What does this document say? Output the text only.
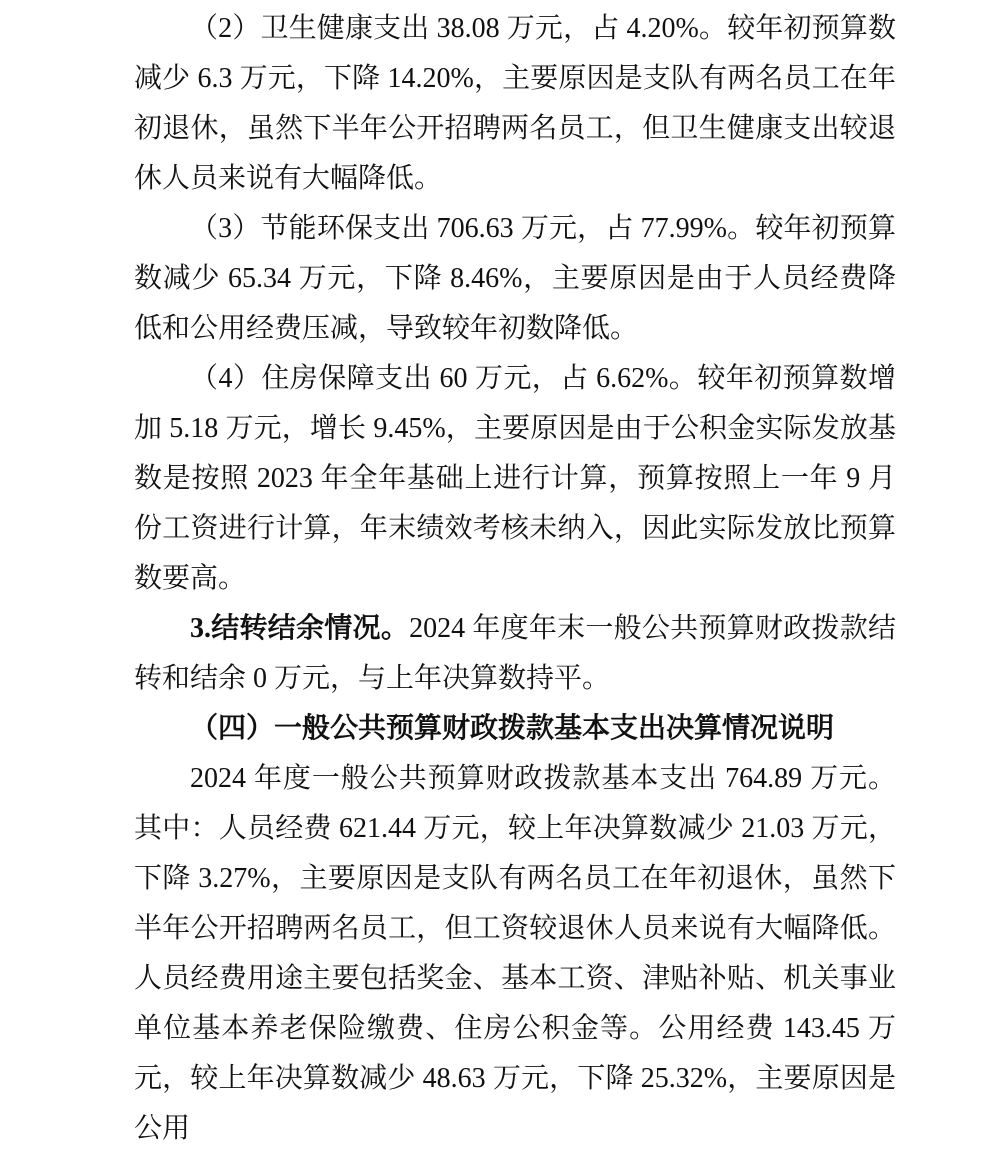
（2）卫生健康支出 38.08 万元，占 4.20%。较年初预算数减少 6.3 万元，下降 14.20%，主要原因是支队有两名员工在年初退休，虽然下半年公开招聘两名员工，但卫生健康支出较退休人员来说有大幅降低。

（3）节能环保支出 706.63 万元，占 77.99%。较年初预算数减少 65.34 万元，下降 8.46%，主要原因是由于人员经费降低和公用经费压减，导致较年初数降低。

（4）住房保障支出 60 万元，占 6.62%。较年初预算数增加 5.18 万元，增长 9.45%，主要原因是由于公积金实际发放基数是按照 2023 年全年基础上进行计算，预算按照上一年 9 月份工资进行计算，年末绩效考核未纳入，因此实际发放比预算数要高。

3.结转结余情况。2024 年度年末一般公共预算财政拨款结转和结余 0 万元，与上年决算数持平。

（四）一般公共预算财政拨款基本支出决算情况说明

2024 年度一般公共预算财政拨款基本支出 764.89 万元。其中：人员经费 621.44 万元，较上年决算数减少 21.03 万元，下降 3.27%，主要原因是支队有两名员工在年初退休，虽然下半年公开招聘两名员工，但工资较退休人员来说有大幅降低。人员经费用途主要包括奖金、基本工资、津贴补贴、机关事业单位基本养老保险缴费、住房公积金等。公用经费 143.45 万元，较上年决算数减少 48.63 万元，下降 25.32%，主要原因是公用
